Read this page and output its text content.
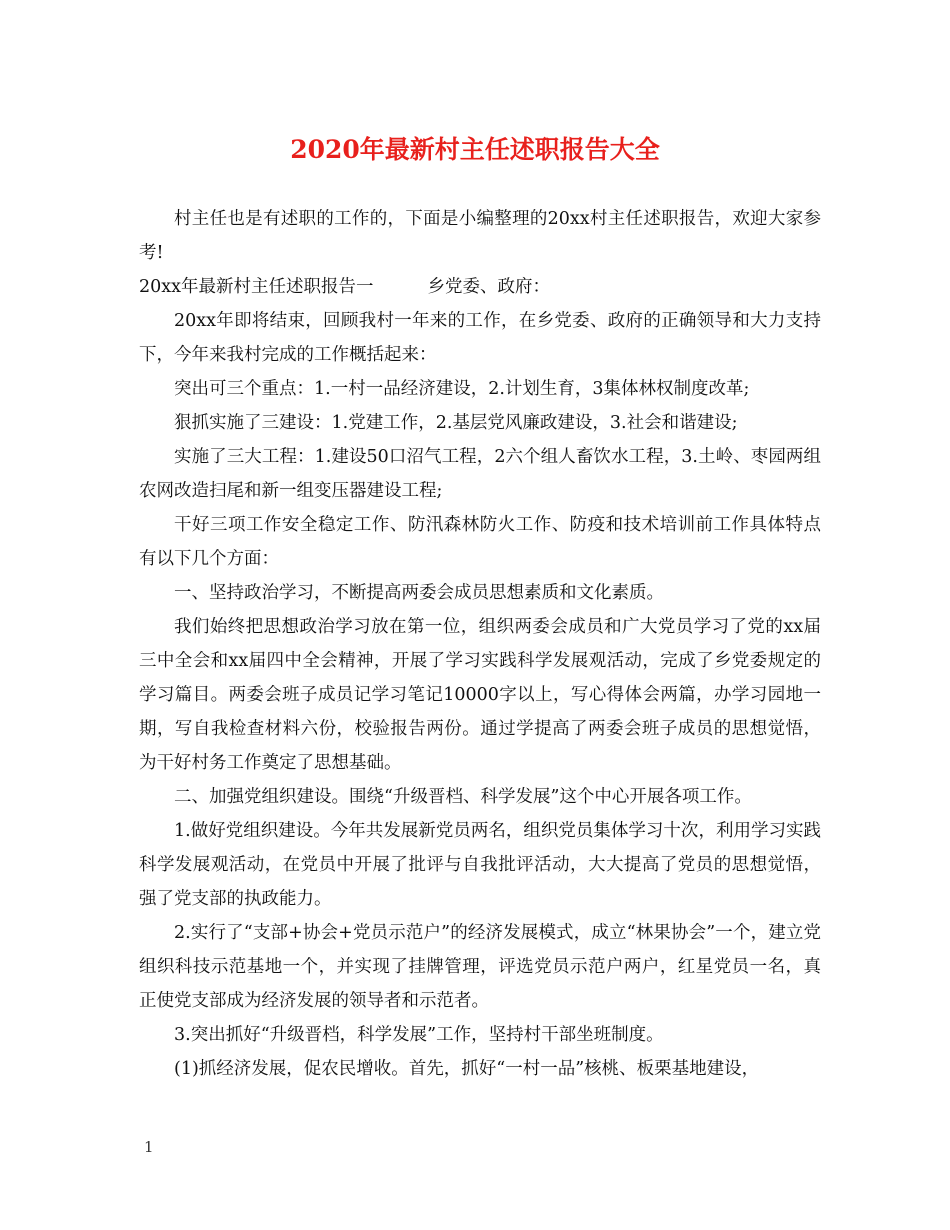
2020年最新村主任述职报告大全

村主任也是有述职的工作的，下面是小编整理的20xx村主任述职报告，欢迎大家参考!

20xx年最新村主任述职报告一	乡党委、政府：

20xx年即将结束，回顾我村一年来的工作，在乡党委、政府的正确领导和大力支持下，今年来我村完成的工作概括起来：

突出可三个重点：1.一村一品经济建设，2.计划生育，3集体林权制度改革;

狠抓实施了三建设：1.党建工作，2.基层党风廉政建设，3.社会和谐建设;

实施了三大工程：1.建设50口沼气工程，2六个组人畜饮水工程，3.土岭、枣园两组农网改造扫尾和新一组变压器建设工程;

干好三项工作安全稳定工作、防汛森林防火工作、防疫和技术培训前工作具体特点有以下几个方面：

一、坚持政治学习，不断提高两委会成员思想素质和文化素质。

我们始终把思想政治学习放在第一位，组织两委会成员和广大党员学习了党的xx届三中全会和xx届四中全会精神，开展了学习实践科学发展观活动，完成了乡党委规定的学习篇目。两委会班子成员记学习笔记10000字以上，写心得体会两篇，办学习园地一期，写自我检查材料六份，校验报告两份。通过学提高了两委会班子成员的思想觉悟，为干好村务工作奠定了思想基础。

二、加强党组织建设。围绕“升级晋档、科学发展”这个中心开展各项工作。

1.做好党组织建设。今年共发展新党员两名，组织党员集体学习十次，利用学习实践科学发展观活动，在党员中开展了批评与自我批评活动，大大提高了党员的思想觉悟，强了党支部的执政能力。

2.实行了“支部+协会+党员示范户”的经济发展模式，成立“林果协会”一个，建立党组织科技示范基地一个，并实现了挂牌管理，评选党员示范户两户，红星党员一名，真正使党支部成为经济发展的领导者和示范者。

3.突出抓好“升级晋档，科学发展”工作，坚持村干部坐班制度。

(1)抓经济发展，促农民增收。首先，抓好“一村一品”核桃、板栗基地建设，

1
